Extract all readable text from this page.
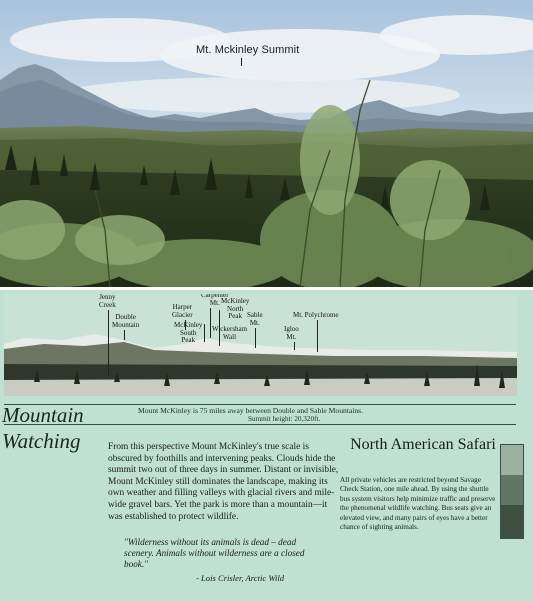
Mt. Mckinley Summit
Jenny
Creek
Double
Mountain
Harper
Glacier
Carpenter
Mt. McKinley
North
Peak Sable
Mt.
McKinley
South
Peak
Wickersham
Wall
Igloo
Mt.
Mt. Polychrome
Mount McKinley is 75 miles away between Double and Sable Mountains.
Summit height: 20,320ft.
Mountain
Watching	From this perspective Mount McKinley's true scale is obscured by foothills and intervening peaks. Clouds hide the summit two out of three days in summer. Distant or invisible, Mount McKinley still dominates the landscape, making its own weather and filling valleys with glacial rivers and mile-wide gravel bars. Yet the park is more than a mountain—it was established to protect wildlife.
"Wilderness without its animals is dead – dead scenery. Animals without wilderness are a closed book."
- Lois Crisler, Arctic Wild
North American Safari
All private vehicles are restricted beyond Savage Check Station, one mile ahead. By using the shuttle bus system visitors help minimize traffic and preserve the phenomenal wildlife watching. Bus seats give an elevated view, and many pairs of eyes have a better chance of sighting animals.
